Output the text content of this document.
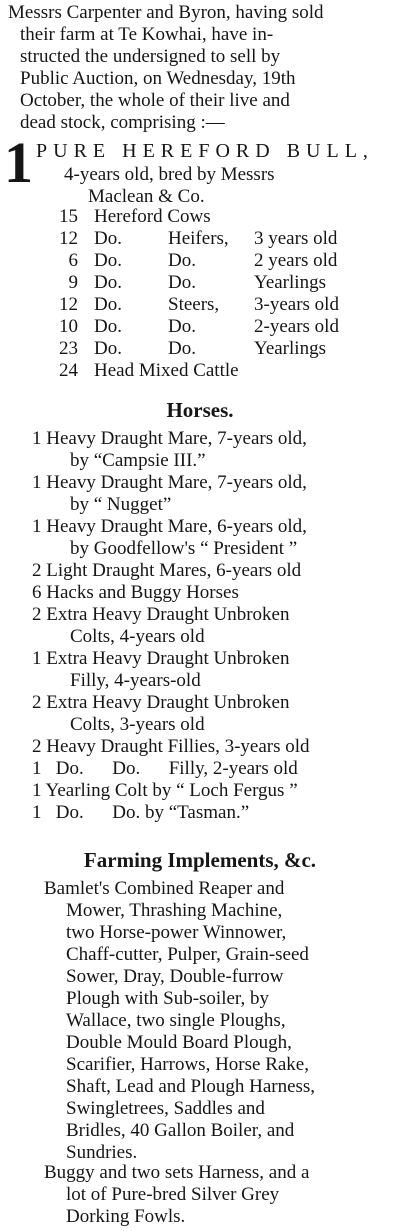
Messrs Carpenter and Byron, having sold
their farm at Te Kowhai, have in-
structed the undersigned to sell by
Public Auction, on Wednesday, 19th
October, the whole of their live and
dead stock, comprising :—
1 PURE HEREFORD BULL,
4-years old, bred by Messrs
Maclean & Co.
15 Hereford Cows
12 Do.	Heifers,	3 years old
6 Do.	Do.	2 years old
9 Do.	Do.	Yearlings
12 Do.	Steers,	3-years old
10 Do.	Do.	2-years old
23 Do.	Do.	Yearlings
24 Head Mixed Cattle
Horses.
1 Heavy Draught Mare, 7-years old,
by “Campsie III.”
1 Heavy Draught Mare, 7-years old,
by “ Nugget”
1 Heavy Draught Mare, 6-years old,
by Goodfellow's “ President ”
2 Light Draught Mares, 6-years old
6 Hacks and Buggy Horses
2 Extra Heavy Draught Unbroken
Colts, 4-years old
1 Extra Heavy Draught Unbroken
Filly, 4-years-old
2 Extra Heavy Draught Unbroken
Colts, 3-years old
2 Heavy Draught Fillies, 3-years old
1   Do.      Do.      Filly, 2-years old
1 Yearling Colt by “ Loch Fergus ”
1   Do.      Do. by “Tasman.”
Farming Implements, &c.
Bamlet's Combined Reaper and
Mower, Thrashing Machine,
two Horse-power Winnower,
Chaff-cutter, Pulper, Grain-seed
Sower, Dray, Double-furrow
Plough with Sub-soiler, by
Wallace, two single Ploughs,
Double Mould Board Plough,
Scarifier, Harrows, Horse Rake,
Shaft, Lead and Plough Harness,
Swingletrees, Saddles and
Bridles, 40 Gallon Boiler, and
Sundries.
Buggy and two sets Harness, and a
lot of Pure-bred Silver Grey
Dorking Fowls.
